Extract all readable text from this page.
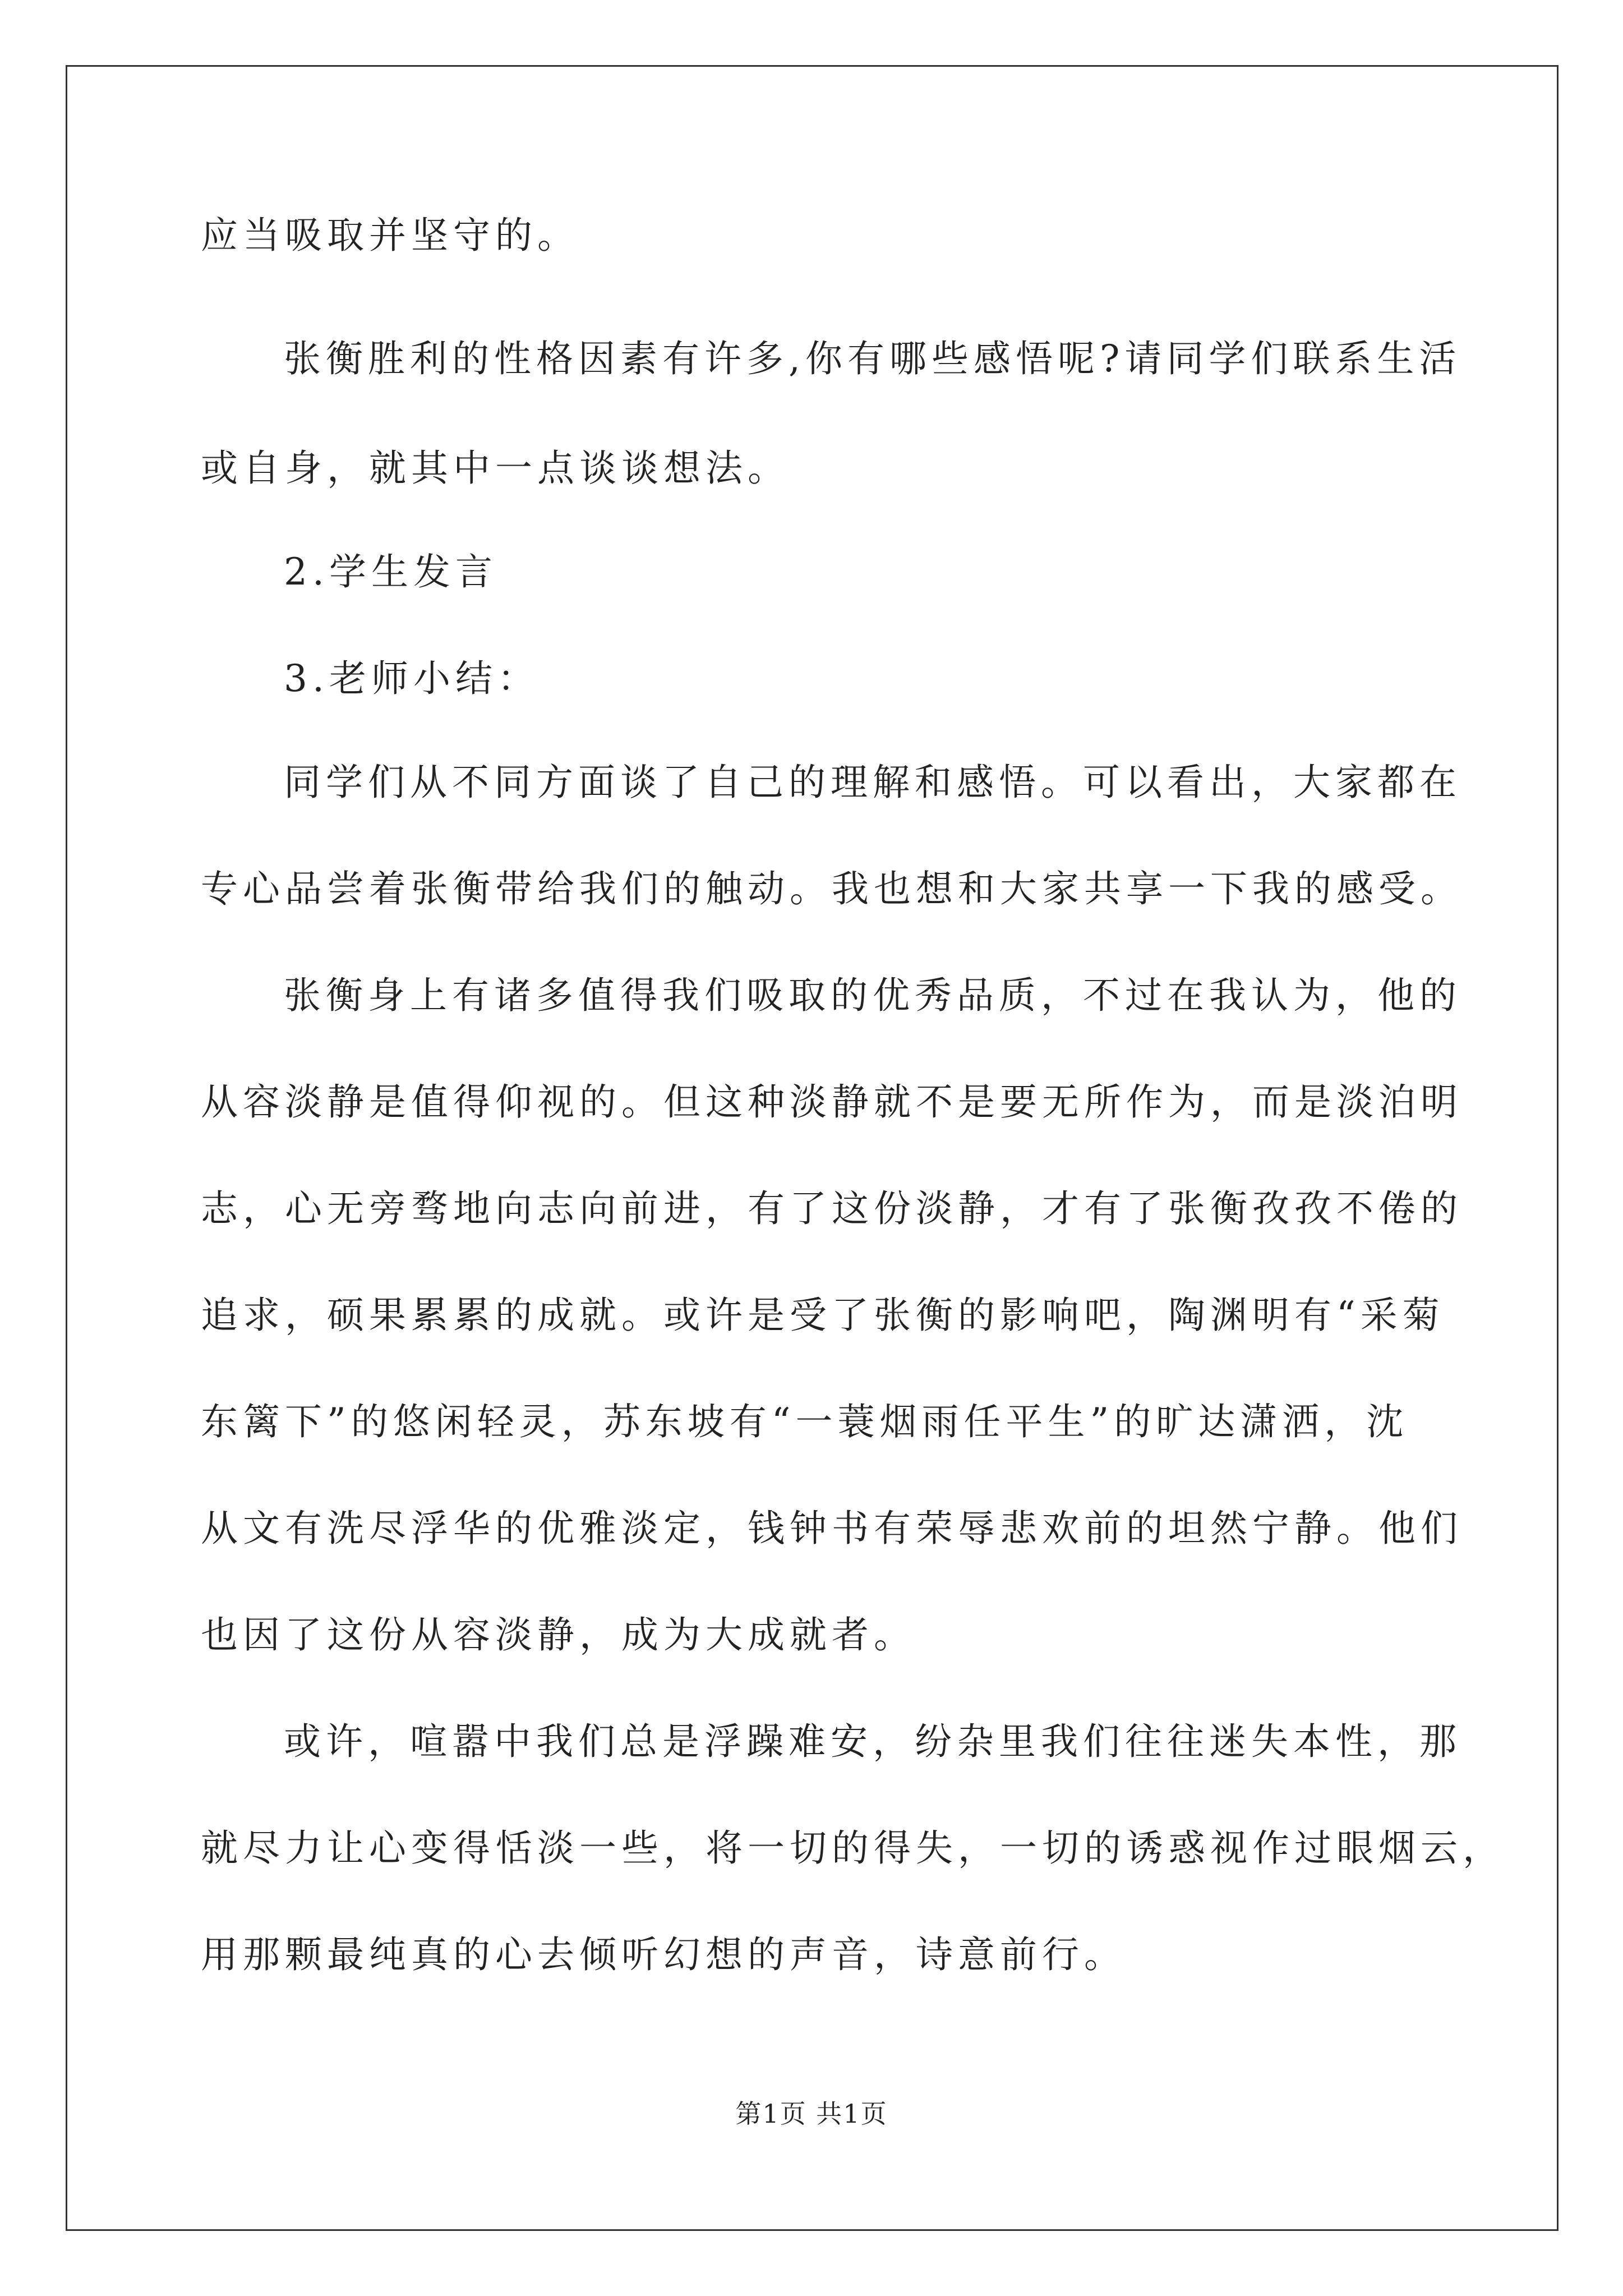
应当吸取并坚守的。
张衡胜利的性格因素有许多,你有哪些感悟呢?请同学们联系生活
或自身，就其中一点谈谈想法。
2.学生发言
3.老师小结：
同学们从不同方面谈了自己的理解和感悟。可以看出，大家都在
专心品尝着张衡带给我们的触动。我也想和大家共享一下我的感受。
张衡身上有诸多值得我们吸取的优秀品质，不过在我认为，他的
从容淡静是值得仰视的。但这种淡静就不是要无所作为，而是淡泊明
志，心无旁骛地向志向前进，有了这份淡静，才有了张衡孜孜不倦的
追求，硕果累累的成就。或许是受了张衡的影响吧，陶渊明有“采菊
东篱下”的悠闲轻灵，苏东坡有“一蓑烟雨任平生”的旷达潇洒，沈
从文有洗尽浮华的优雅淡定，钱钟书有荣辱悲欢前的坦然宁静。他们
也因了这份从容淡静，成为大成就者。
或许，喧嚣中我们总是浮躁难安，纷杂里我们往往迷失本性，那
就尽力让心变得恬淡一些，将一切的得失，一切的诱惑视作过眼烟云，
用那颗最纯真的心去倾听幻想的声音，诗意前行。
第1页 共1页
